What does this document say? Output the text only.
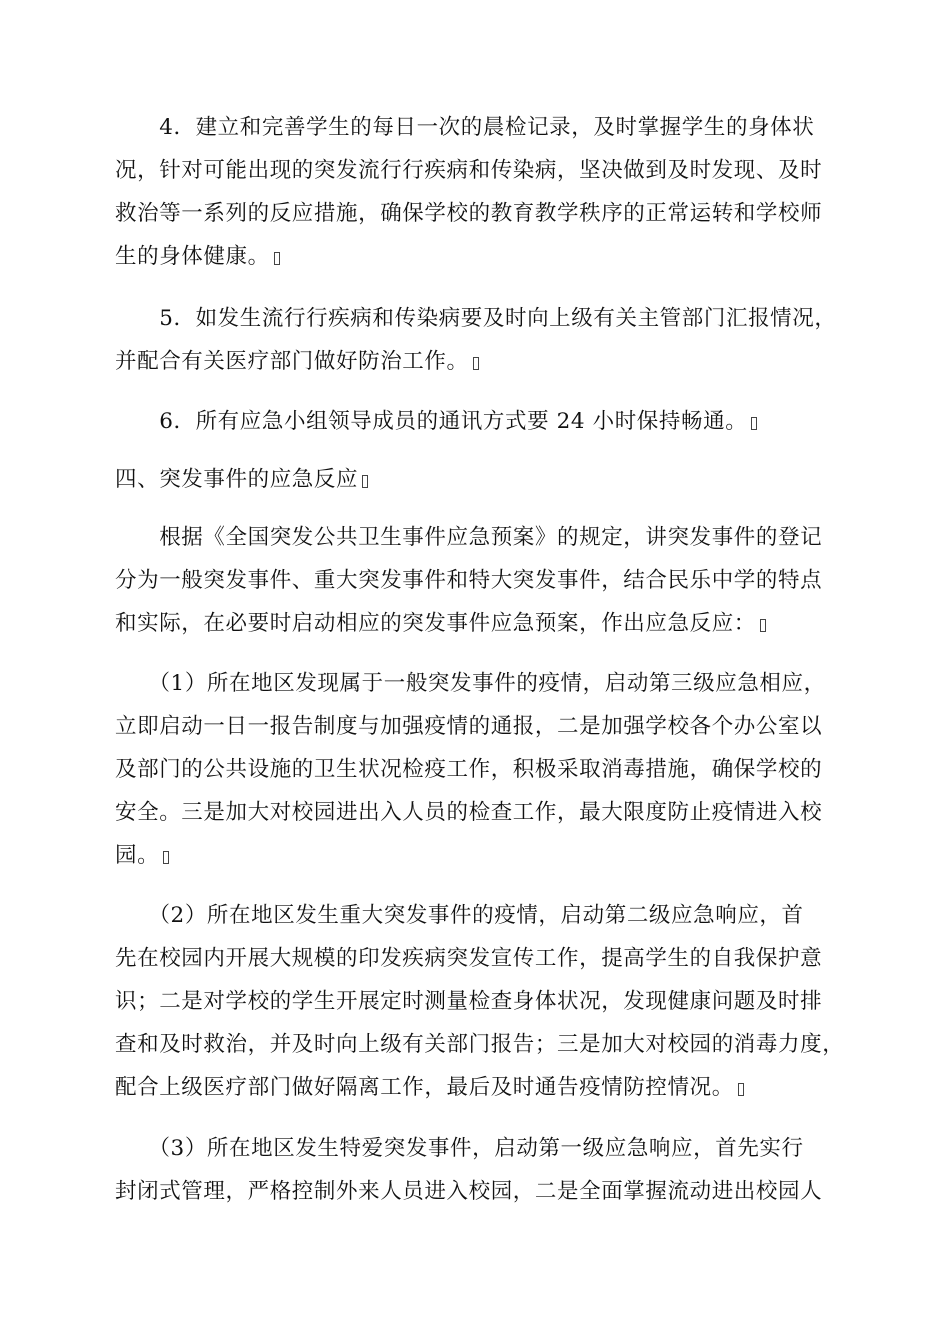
　　4．建立和完善学生的每日一次的晨检记录，及时掌握学生的身体状
况，针对可能出现的突发流行行疾病和传染病，坚决做到及时发现、及时
救治等一系列的反应措施，确保学校的教育教学秩序的正常运转和学校师
生的身体健康。
　　5．如发生流行行疾病和传染病要及时向上级有关主管部门汇报情况，
并配合有关医疗部门做好防治工作。
　　6．所有应急小组领导成员的通讯方式要 24 小时保持畅通。
四、突发事件的应急反应
　　根据《全国突发公共卫生事件应急预案》的规定，讲突发事件的登记
分为一般突发事件、重大突发事件和特大突发事件，结合民乐中学的特点
和实际，在必要时启动相应的突发事件应急预案，作出应急反应：
　　（1）所在地区发现属于一般突发事件的疫情，启动第三级应急相应，
立即启动一日一报告制度与加强疫情的通报，二是加强学校各个办公室以
及部门的公共设施的卫生状况检疫工作，积极采取消毒措施，确保学校的
安全。三是加大对校园进出入人员的检查工作，最大限度防止疫情进入校
园。
　　（2）所在地区发生重大突发事件的疫情，启动第二级应急响应，首
先在校园内开展大规模的印发疾病突发宣传工作，提高学生的自我保护意
识；二是对学校的学生开展定时测量检查身体状况，发现健康问题及时排
查和及时救治，并及时向上级有关部门报告；三是加大对校园的消毒力度，
配合上级医疗部门做好隔离工作，最后及时通告疫情防控情况。
　　（3）所在地区发生特爱突发事件，启动第一级应急响应，首先实行
封闭式管理，严格控制外来人员进入校园，二是全面掌握流动进出校园人
